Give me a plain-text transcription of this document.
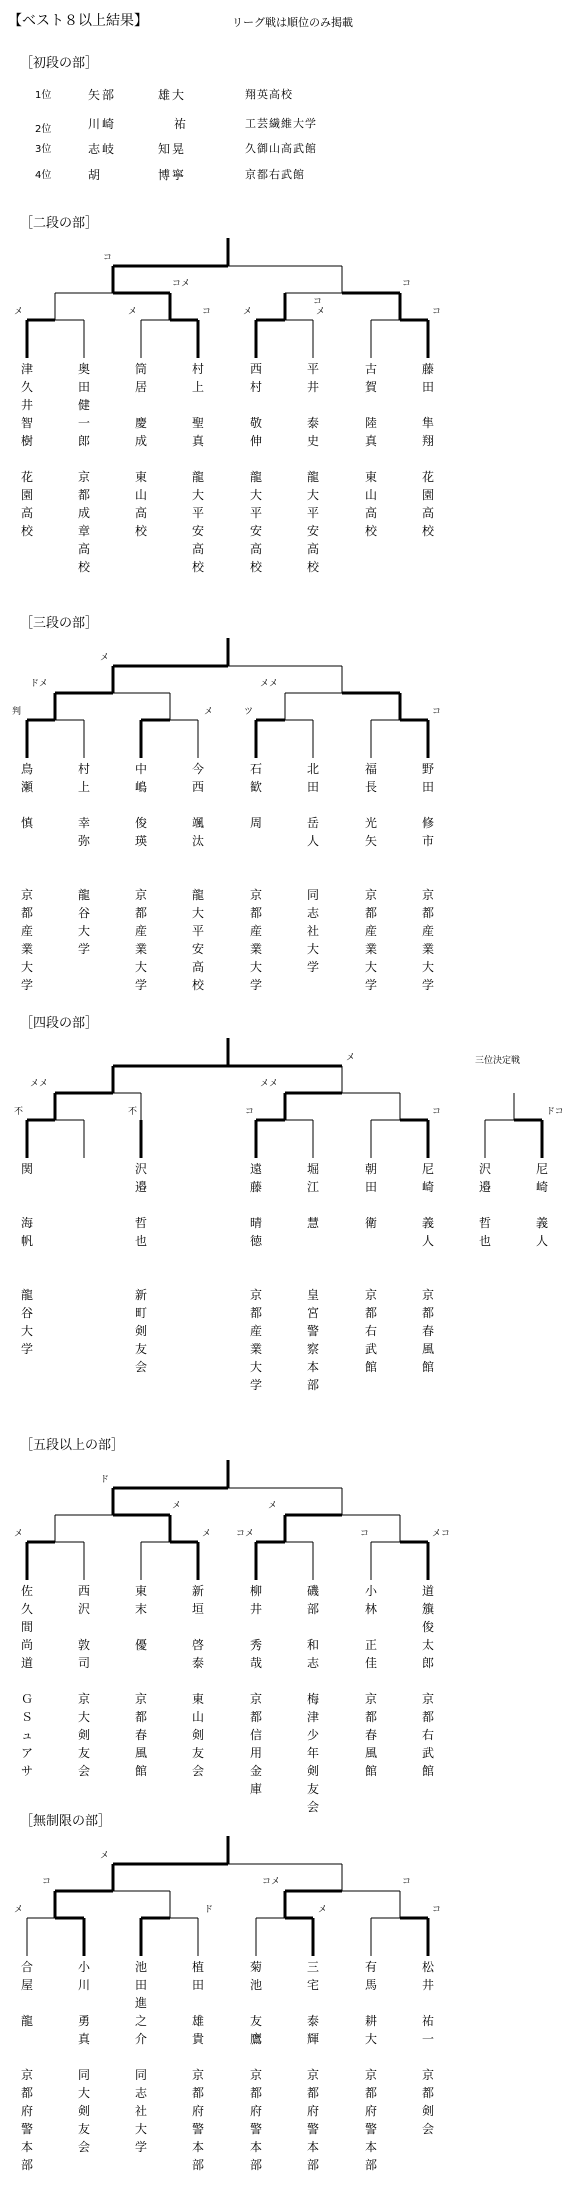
【ベスト８以上結果】	リーグ戦は順位のみ掲載
［初段の部］
1位	矢部	雄大	翔英高校
2位	川崎	祐	工芸繊維大学
3位	志岐	知晃	久御山高武館
4位	胡	博寧	京都右武館
［二段の部］
コ
コメ	コ
メ	メ	コ	メ
コ
メ	コ
津
久
井
智
樹
花
園
高
校
奥
田
健
一
郎
京
都
成
章
高
校
筒
居
慶
成
東
山
高
校
村
上
聖
真
龍
大
平
安
高
校
西
村
敬
伸
龍
大
平
安
高
校
平
井
泰
史
龍
大
平
安
高
校
古
賀
陸
真
東
山
高
校
藤
田
隼
翔
花
園
高
校
［三段の部］
メ
ドメ	メメ
判	メ	ツ	コ
鳥
瀬
慎
京
都
産
業
大
学
村
上
幸
弥
龍
谷
大
学
中
嶋
俊
瑛
京
都
産
業
大
学
今
西
颯
汰
龍
大
平
安
高
校
石
歓
周
京
都
産
業
大
学
北
田
岳
人
同
志
社
大
学
福
長
光
矢
京
都
産
業
大
学
野
田
修
市
京
都
産
業
大
学
［四段の部］
三位決定戦
メ
メメ	メメ
不	不	コ	コ	ドコ
関
海
帆
龍
谷
大
学
沢
邉
哲
也
新
町
剣
友
会
遠
藤
晴
徳
京
都
産
業
大
学
堀
江
慧
皇
宮
警
察
本
部
朝
田
衛
京
都
右
武
館
尼
崎
義
人
京
都
春
風
館
沢
邉
哲
也
尼
崎
義
人
［五段以上の部］
ド
メ	メ
メ	メ	コメ	コ	メコ
佐
久
間
尚
道
Ｇ
Ｓ
ュ
ア
サ
西
沢
敦
司
京
大
剣
友
会
東
末
優
京
都
春
風
館
新
垣
啓
泰
東
山
剣
友
会
柳
井
秀
哉
京
都
信
用
金
庫
磯
部
和
志
梅
津
少
年
剣
友
会
小
林
正
佳
京
都
春
風
館
道
籏
俊
太
郎
京
都
右
武
館
［無制限の部］
メ
コ	コメ	コ
メ	ド	メ	コ
合
屋
龍
京
都
府
警
本
部
小
川
勇
真
同
大
剣
友
会
池
田
進
之
介
同
志
社
大
学
植
田
雄
貴
京
都
府
警
本
部
菊
池
友
鷹
京
都
府
警
本
部
三
宅
泰
輝
京
都
府
警
本
部
有
馬
耕
大
京
都
府
警
本
部
松
井
祐
一
京
都
剣
会
